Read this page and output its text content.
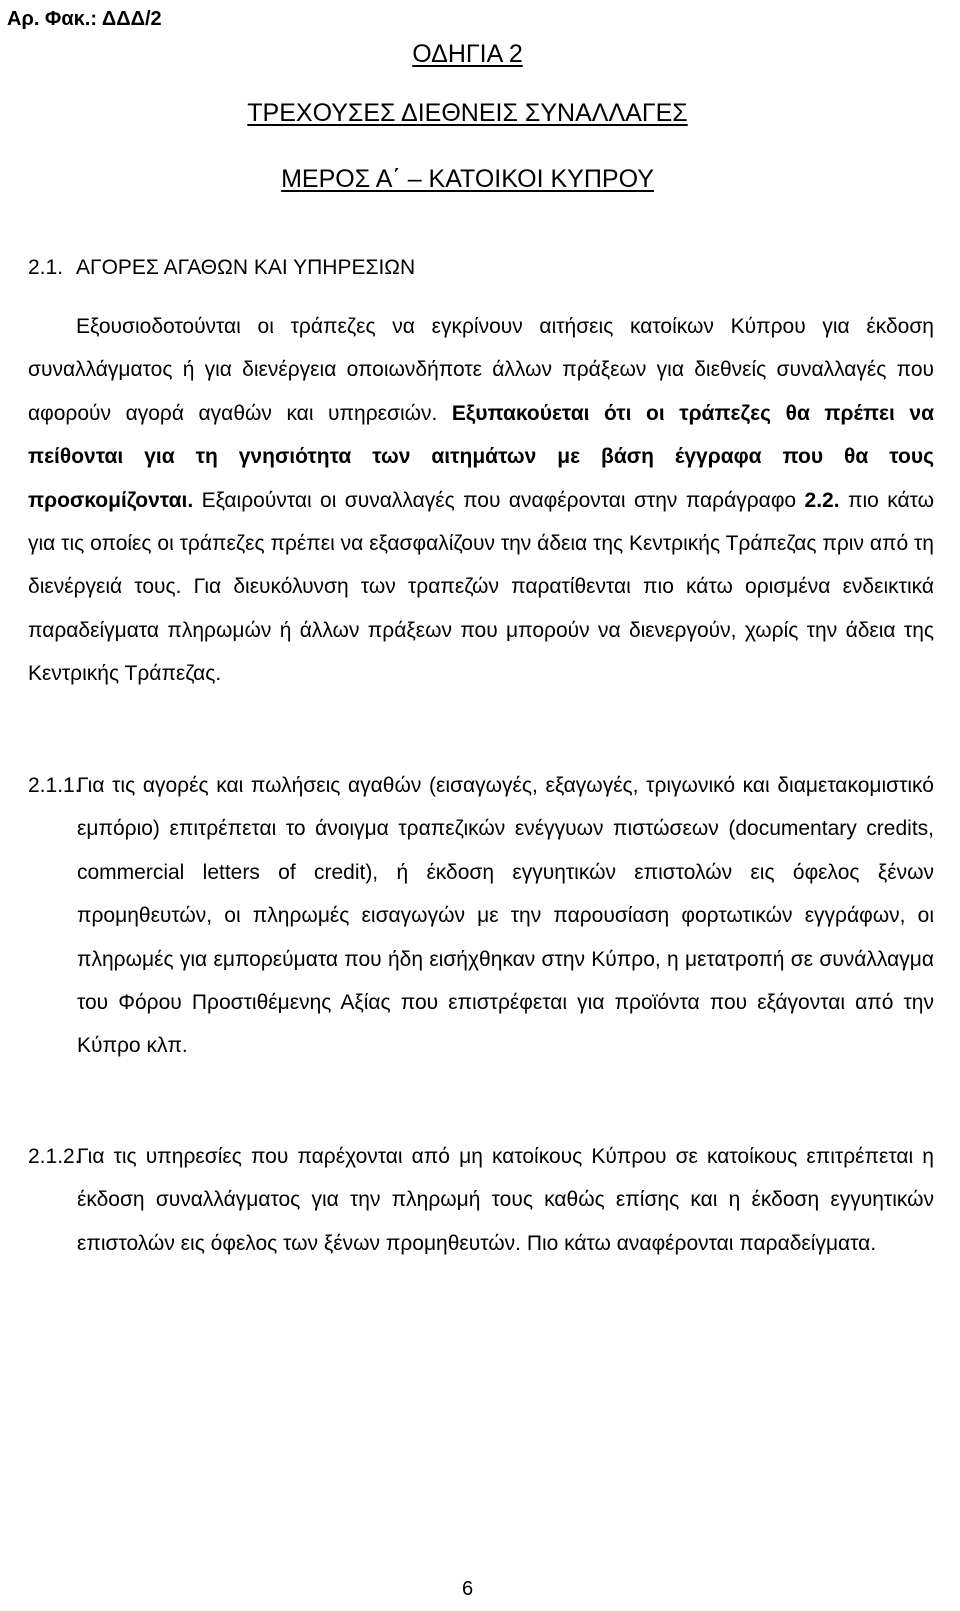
Αρ. Φακ.: ΔΔΔ/2
ΟΔΗΓΙΑ 2
ΤΡΕΧΟΥΣΕΣ ΔΙΕΘΝΕΙΣ ΣΥΝΑΛΛΑΓΕΣ
ΜΕΡΟΣ Α΄ – ΚΑΤΟΙΚΟΙ ΚΥΠΡΟΥ
2.1. ΑΓΟΡΕΣ ΑΓΑΘΩΝ ΚΑΙ ΥΠΗΡΕΣΙΩΝ
Εξουσιοδοτούνται οι τράπεζες να εγκρίνουν αιτήσεις κατοίκων Κύπρου για έκδοση συναλλάγματος ή για διενέργεια οποιωνδήποτε άλλων πράξεων για διεθνείς συναλλαγές που αφορούν αγορά αγαθών και υπηρεσιών. Εξυπακούεται ότι οι τράπεζες θα πρέπει να πείθονται για τη γνησιότητα των αιτημάτων με βάση έγγραφα που θα τους προσκομίζονται. Εξαιρούνται οι συναλλαγές που αναφέρονται στην παράγραφο 2.2. πιο κάτω για τις οποίες οι τράπεζες πρέπει να εξασφαλίζουν την άδεια της Κεντρικής Τράπεζας πριν από τη διενέργειά τους. Για διευκόλυνση των τραπεζών παρατίθενται πιο κάτω ορισμένα ενδεικτικά παραδείγματα πληρωμών ή άλλων πράξεων που μπορούν να διενεργούν, χωρίς την άδεια της Κεντρικής Τράπεζας.
2.1.1.
Για τις αγορές και πωλήσεις αγαθών (εισαγωγές, εξαγωγές, τριγωνικό και διαμετακομιστικό εμπόριο) επιτρέπεται το άνοιγμα τραπεζικών ενέγγυων πιστώσεων (documentary credits, commercial letters of credit), ή έκδοση εγγυητικών επιστολών εις όφελος ξένων προμηθευτών, οι πληρωμές εισαγωγών με την παρουσίαση φορτωτικών εγγράφων, οι πληρωμές για εμπορεύματα που ήδη εισήχθηκαν στην Κύπρο, η μετατροπή σε συνάλλαγμα του Φόρου Προστιθέμενης Αξίας που επιστρέφεται για προϊόντα που εξάγονται από την Κύπρο κλπ.
2.1.2.
Για τις υπηρεσίες που παρέχονται από μη κατοίκους Κύπρου σε κατοίκους επιτρέπεται η έκδοση συναλλάγματος για την πληρωμή τους καθώς επίσης και η έκδοση εγγυητικών επιστολών εις όφελος των ξένων προμηθευτών. Πιο κάτω αναφέρονται παραδείγματα.
6
